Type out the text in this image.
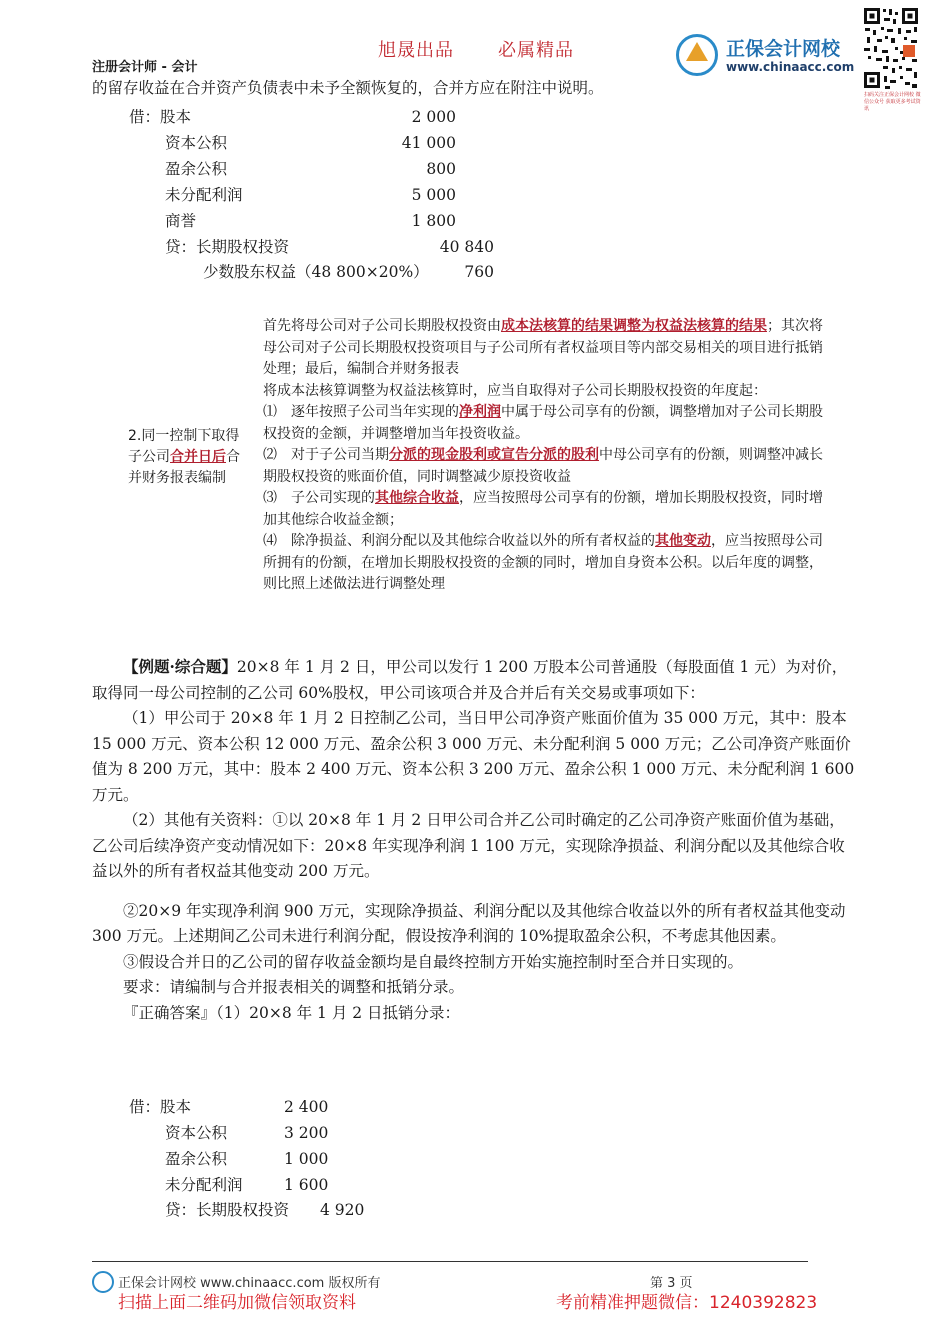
旭晟出品 必属精品
注册会计师 - 会计
正保会计网校
www.chinaacc.com
扫码关注正保会计网校 微信公众号 获取更多考试资讯
的留存收益在合并资产负债表中未予全额恢复的，合并方应在附注中说明。
借：股本	2 000
资本公积	41 000
盈余公积	800
未分配利润	5 000
商誉	1 800
贷：长期股权投资	40 840
少数股东权益（48 800×20%）	760
2.同一控制下取得子公司合并日后合并财务报表编制

首先将母公司对子公司长期股权投资由成本法核算的结果调整为权益法核算的结果；其次将母公司对子公司长期股权投资项目与子公司所有者权益项目等内部交易相关的项目进行抵销处理；最后，编制合并财务报表

将成本法核算调整为权益法核算时，应当自取得对子公司长期股权投资的年度起：

⑴　逐年按照子公司当年实现的净利润中属于母公司享有的份额，调整增加对子公司长期股权投资的金额，并调整增加当年投资收益。

⑵　对于子公司当期分派的现金股利或宣告分派的股利中母公司享有的份额，则调整冲减长期股权投资的账面价值，同时调整减少原投资收益

⑶　子公司实现的其他综合收益，应当按照母公司享有的份额，增加长期股权投资，同时增加其他综合收益金额；

⑷　除净损益、利润分配以及其他综合收益以外的所有者权益的其他变动，应当按照母公司所拥有的份额，在增加长期股权投资的金额的同时，增加自身资本公积。以后年度的调整，则比照上述做法进行调整处理

【例题·综合题】20×8 年 1 月 2 日，甲公司以发行 1 200 万股本公司普通股（每股面值 1 元）为对价，取得同一母公司控制的乙公司 60%股权，甲公司该项合并及合并后有关交易或事项如下：

（1）甲公司于 20×8 年 1 月 2 日控制乙公司，当日甲公司净资产账面价值为 35 000 万元，其中：股本 15 000 万元、资本公积 12 000 万元、盈余公积 3 000 万元、未分配利润 5 000 万元；乙公司净资产账面价值为 8 200 万元，其中：股本 2 400 万元、资本公积 3 200 万元、盈余公积 1 000 万元、未分配利润 1 600 万元。

（2）其他有关资料：①以 20×8 年 1 月 2 日甲公司合并乙公司时确定的乙公司净资产账面价值为基础，乙公司后续净资产变动情况如下：20×8 年实现净利润 1 100 万元，实现除净损益、利润分配以及其他综合收益以外的所有者权益其他变动 200 万元。

②20×9 年实现净利润 900 万元，实现除净损益、利润分配以及其他综合收益以外的所有者权益其他变动 300 万元。上述期间乙公司未进行利润分配，假设按净利润的 10%提取盈余公积，不考虑其他因素。

③假设合并日的乙公司的留存收益金额均是自最终控制方开始实施控制时至合并日实现的。

要求：请编制与合并报表相关的调整和抵销分录。

『正确答案』（1）20×8 年 1 月 2 日抵销分录：

借：股本	2 400
资本公积	3 200
盈余公积	1 000
未分配利润	1 600
贷：长期股权投资 4 920
正保会计网校 www.chinaacc.com 版权所有	第 3 页
扫描上面二维码加微信领取资料	考前精准押题微信：1240392823
